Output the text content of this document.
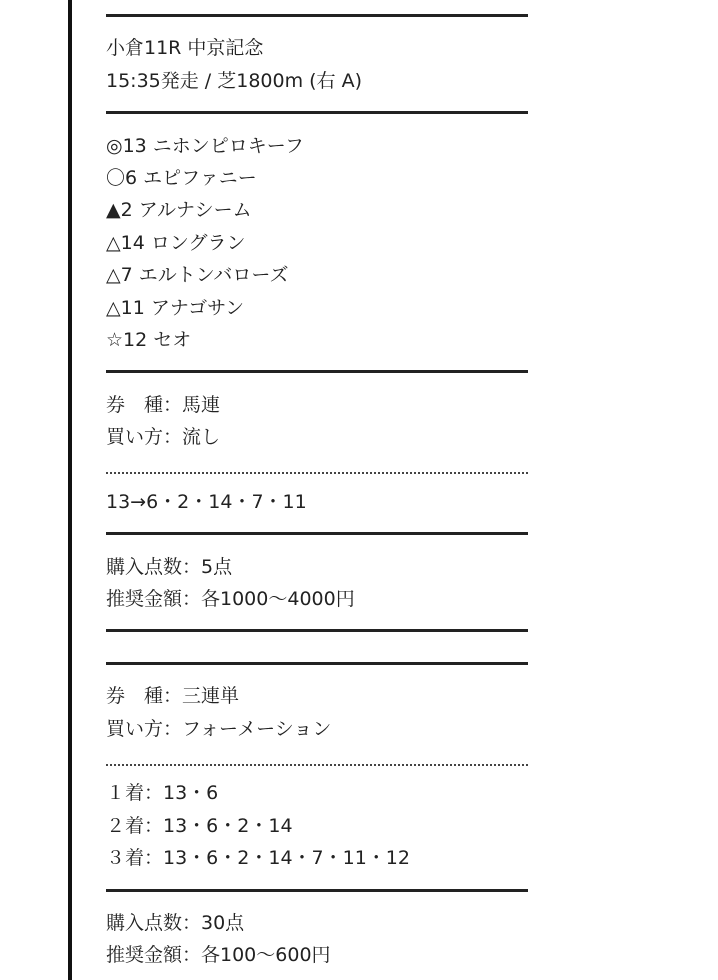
小倉11R 中京記念
15:35発走 / 芝1800m (右 A)
◎13 ニホンピロキーフ
〇6 エピファニー
▲2 アルナシーム
△14 ロングラン
△7 エルトンバローズ
△11 アナゴサン
☆12 セオ
券　種：馬連
買い方：流し
13→6・2・14・7・11
購入点数：5点
推奨金額：各1000〜4000円
券　種：三連単
買い方：フォーメーション
１着：13・6
２着：13・6・2・14
３着：13・6・2・14・7・11・12
購入点数：30点
推奨金額：各100〜600円
